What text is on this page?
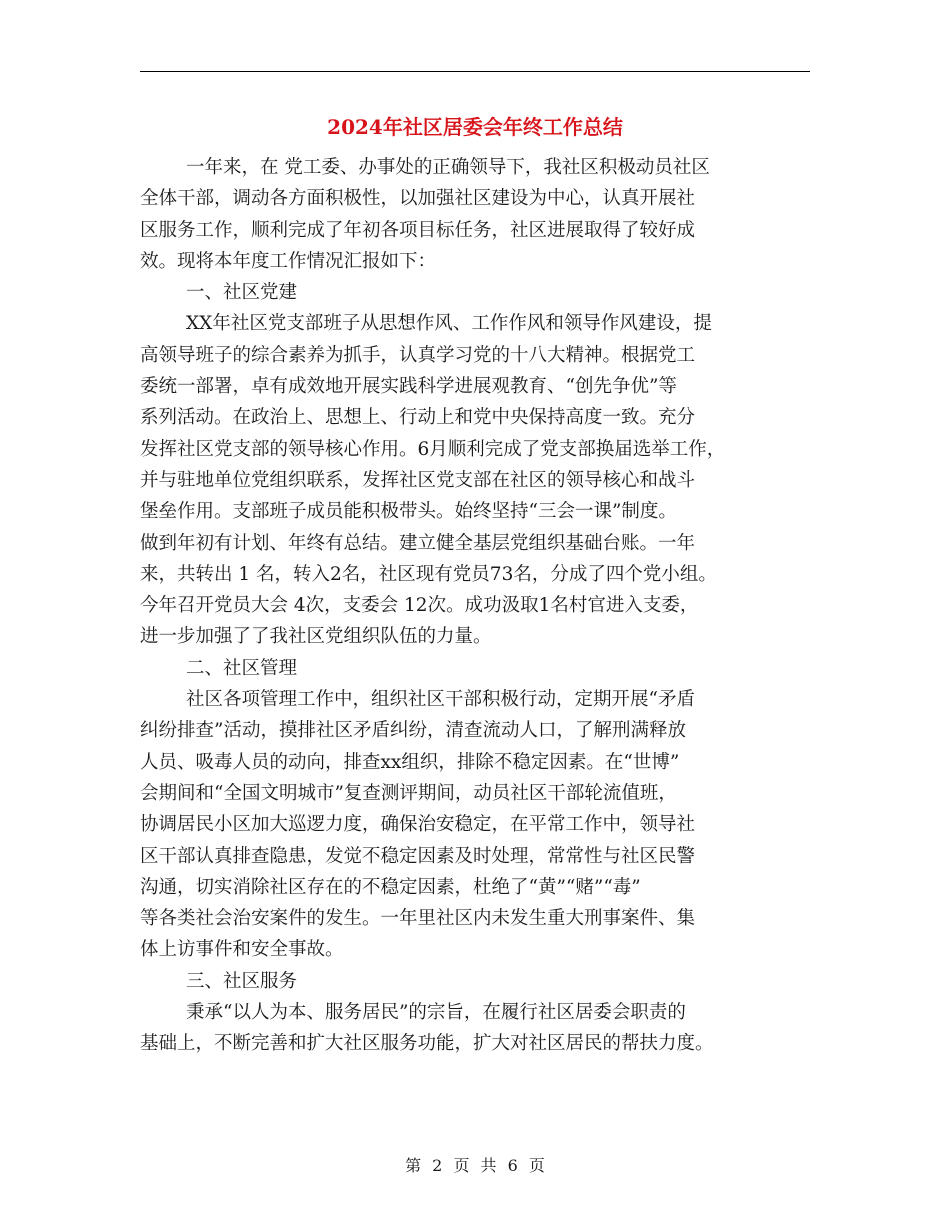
2024年社区居委会年终工作总结
一年来，在 党工委、办事处的正确领导下，我社区积极动员社区
全体干部，调动各方面积极性，以加强社区建设为中心，认真开展社
区服务工作，顺利完成了年初各项目标任务，社区进展取得了较好成
效。现将本年度工作情况汇报如下：
一、社区党建
XX年社区党支部班子从思想作风、工作作风和领导作风建设，提
高领导班子的综合素养为抓手，认真学习党的十八大精神。根据党工
委统一部署，卓有成效地开展实践科学进展观教育、“创先争优”等
系列活动。在政治上、思想上、行动上和党中央保持高度一致。充分
发挥社区党支部的领导核心作用。6月顺利完成了党支部换届选举工作，
并与驻地单位党组织联系，发挥社区党支部在社区的领导核心和战斗
堡垒作用。支部班子成员能积极带头。始终坚持“三会一课”制度。
做到年初有计划、年终有总结。建立健全基层党组织基础台账。一年
来，共转出 1 名，转入2名，社区现有党员73名，分成了四个党小组。
今年召开党员大会 4次，支委会 12次。成功汲取1名村官进入支委，
进一步加强了了我社区党组织队伍的力量。
二、社区管理
社区各项管理工作中，组织社区干部积极行动，定期开展“矛盾
纠纷排查”活动，摸排社区矛盾纠纷，清查流动人口，了解刑满释放
人员、吸毒人员的动向，排查xx组织，排除不稳定因素。在“世博”
会期间和“全国文明城市”复查测评期间，动员社区干部轮流值班，
协调居民小区加大巡逻力度，确保治安稳定，在平常工作中，领导社
区干部认真排查隐患，发觉不稳定因素及时处理，常常性与社区民警
沟通，切实消除社区存在的不稳定因素，杜绝了“黄”“赌”“毒”
等各类社会治安案件的发生。一年里社区内未发生重大刑事案件、集
体上访事件和安全事故。
三、社区服务
秉承“以人为本、服务居民”的宗旨，在履行社区居委会职责的
基础上，不断完善和扩大社区服务功能，扩大对社区居民的帮扶力度。
第 2 页 共 6 页
